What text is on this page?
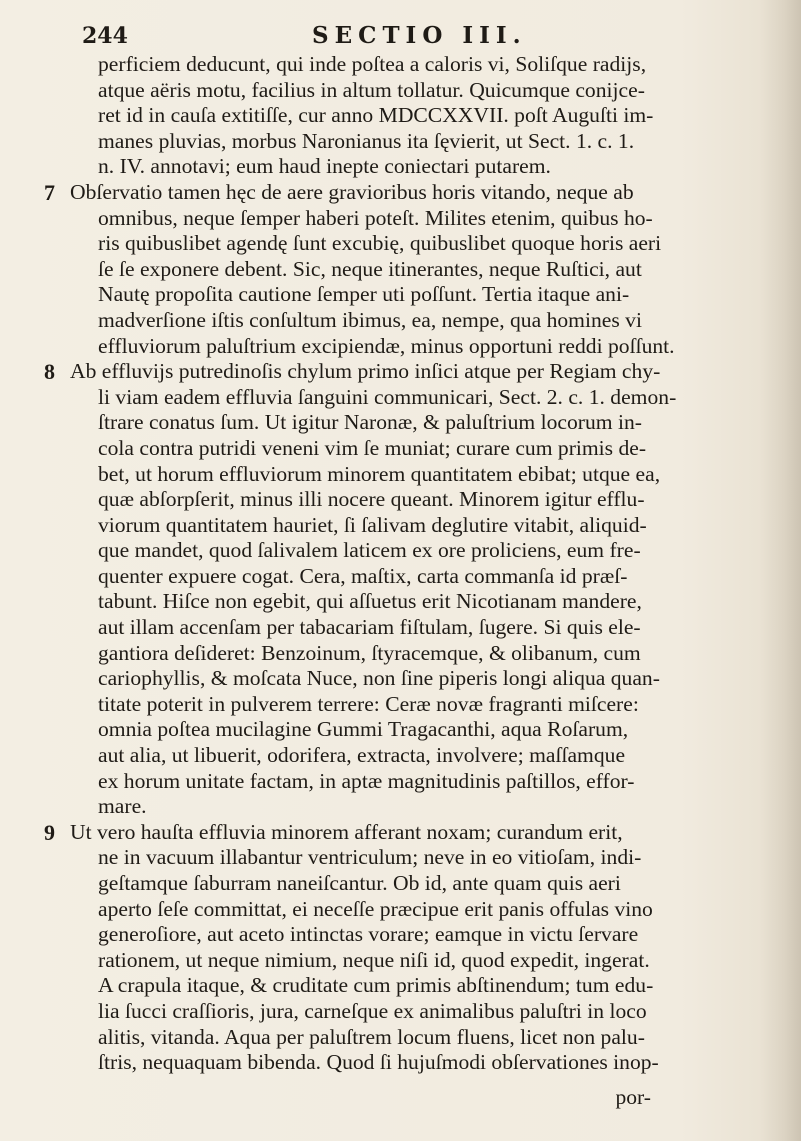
244	SECTIO III.
perficiem deducunt, qui inde poſtea a caloris vi, Soliſque radijs,
atque aëris motu, facilius in altum tollatur. Quicumque conijce-
ret id in cauſa extitiſſe, cur anno MDCCXXVII. poſt Auguſti im-
manes pluvias, morbus Naronianus ita ſęvierit, ut Sect. 1. c. 1.
n. IV. annotavi; eum haud inepte coniectari putarem.
7 Obſervatio tamen hęc de aere gravioribus horis vitando, neque ab
omnibus, neque ſemper haberi poteſt. Milites etenim, quibus ho-
ris quibuslibet agendę ſunt excubię, quibuslibet quoque horis aeri
ſe ſe exponere debent. Sic, neque itinerantes, neque Ruſtici, aut
Nautę propoſita cautione ſemper uti poſſunt. Tertia itaque ani-
madverſione iſtis conſultum ibimus, ea, nempe, qua homines vi
effluviorum paluſtrium excipiendæ, minus opportuni reddi poſſunt.
8 Ab effluvijs putredinoſis chylum primo inſici atque per Regiam chy-
li viam eadem effluvia ſanguini communicari, Sect. 2. c. 1. demon-
ſtrare conatus ſum. Ut igitur Naronæ, & paluſtrium locorum in-
cola contra putridi veneni vim ſe muniat; curare cum primis de-
bet, ut horum effluviorum minorem quantitatem ebibat; utque ea,
quæ abſorpſerit, minus illi nocere queant. Minorem igitur efflu-
viorum quantitatem hauriet, ſi ſalivam deglutire vitabit, aliquid-
que mandet, quod ſalivalem laticem ex ore proliciens, eum fre-
quenter expuere cogat. Cera, maſtix, carta commanſa id præſ-
tabunt. Hiſce non egebit, qui aſſuetus erit Nicotianam mandere,
aut illam accenſam per tabacariam fiſtulam, ſugere. Si quis ele-
gantiora deſideret: Benzoinum, ſtyracemque, & olibanum, cum
cariophyllis, & moſcata Nuce, non ſine piperis longi aliqua quan-
titate poterit in pulverem terrere: Ceræ novæ fragranti miſcere:
omnia poſtea mucilagine Gummi Tragacanthi, aqua Roſarum,
aut alia, ut libuerit, odorifera, extracta, involvere; maſſamque
ex horum unitate factam, in aptæ magnitudinis paſtillos, effor-
mare.
9 Ut vero hauſta effluvia minorem afferant noxam; curandum erit,
ne in vacuum illabantur ventriculum; neve in eo vitioſam, indi-
geſtamque ſaburram naneiſcantur. Ob id, ante quam quis aeri
aperto ſeſe committat, ei neceſſe præcipue erit panis offulas vino
generoſiore, aut aceto intinctas vorare; eamque in victu ſervare
rationem, ut neque nimium, neque niſi id, quod expedit, ingerat.
A crapula itaque, & cruditate cum primis abſtinendum; tum edu-
lia ſucci craſſioris, jura, carneſque ex animalibus paluſtri in loco
alitis, vitanda. Aqua per paluſtrem locum fluens, licet non palu-
ſtris, nequaquam bibenda. Quod ſi hujuſmodi obſervationes inop-
por-
